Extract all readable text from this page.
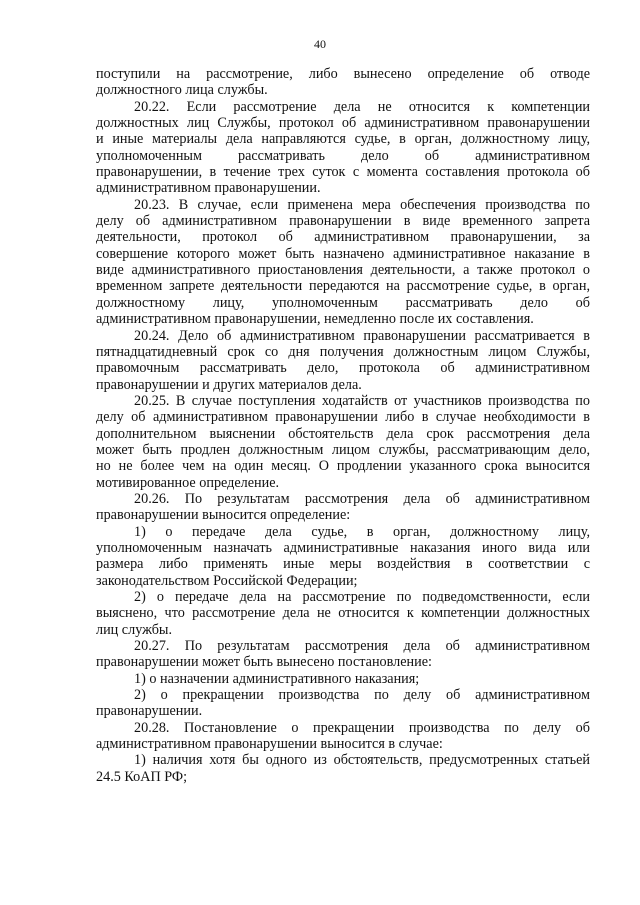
40
поступили на рассмотрение, либо вынесено определение об отводе
должностного лица службы.
20.22. Если рассмотрение дела не относится к компетенции
должностных лиц Службы, протокол об административном правонарушении
и иные материалы дела направляются судье, в орган, должностному лицу,
уполномоченным рассматривать дело об административном
правонарушении, в течение трех суток с момента составления протокола об
административном правонарушении.
20.23. В случае, если применена мера обеспечения производства по
делу об административном правонарушении в виде временного запрета
деятельности, протокол об административном правонарушении, за
совершение которого может быть назначено административное наказание в
виде административного приостановления деятельности, а также протокол о
временном запрете деятельности передаются на рассмотрение судье, в орган,
должностному лицу, уполномоченным рассматривать дело об
административном правонарушении, немедленно после их составления.
20.24. Дело об административном правонарушении рассматривается в
пятнадцатидневный срок со дня получения должностным лицом Службы,
правомочным рассматривать дело, протокола об административном
правонарушении и других материалов дела.
20.25. В случае поступления ходатайств от участников производства по
делу об административном правонарушении либо в случае необходимости в
дополнительном выяснении обстоятельств дела срок рассмотрения дела
может быть продлен должностным лицом службы, рассматривающим дело,
но не более чем на один месяц. О продлении указанного срока выносится
мотивированное определение.
20.26. По результатам рассмотрения дела об административном
правонарушении выносится определение:
1) о передаче дела судье, в орган, должностному лицу,
уполномоченным назначать административные наказания иного вида или
размера либо применять иные меры воздействия в соответствии с
законодательством Российской Федерации;
2) о передаче дела на рассмотрение по подведомственности, если
выяснено, что рассмотрение дела не относится к компетенции должностных
лиц службы.
20.27. По результатам рассмотрения дела об административном
правонарушении может быть вынесено постановление:
1) о назначении административного наказания;
2) о прекращении производства по делу об административном
правонарушении.
20.28. Постановление о прекращении производства по делу об
административном правонарушении выносится в случае:
1) наличия хотя бы одного из обстоятельств, предусмотренных статьей
24.5 КоАП РФ;
